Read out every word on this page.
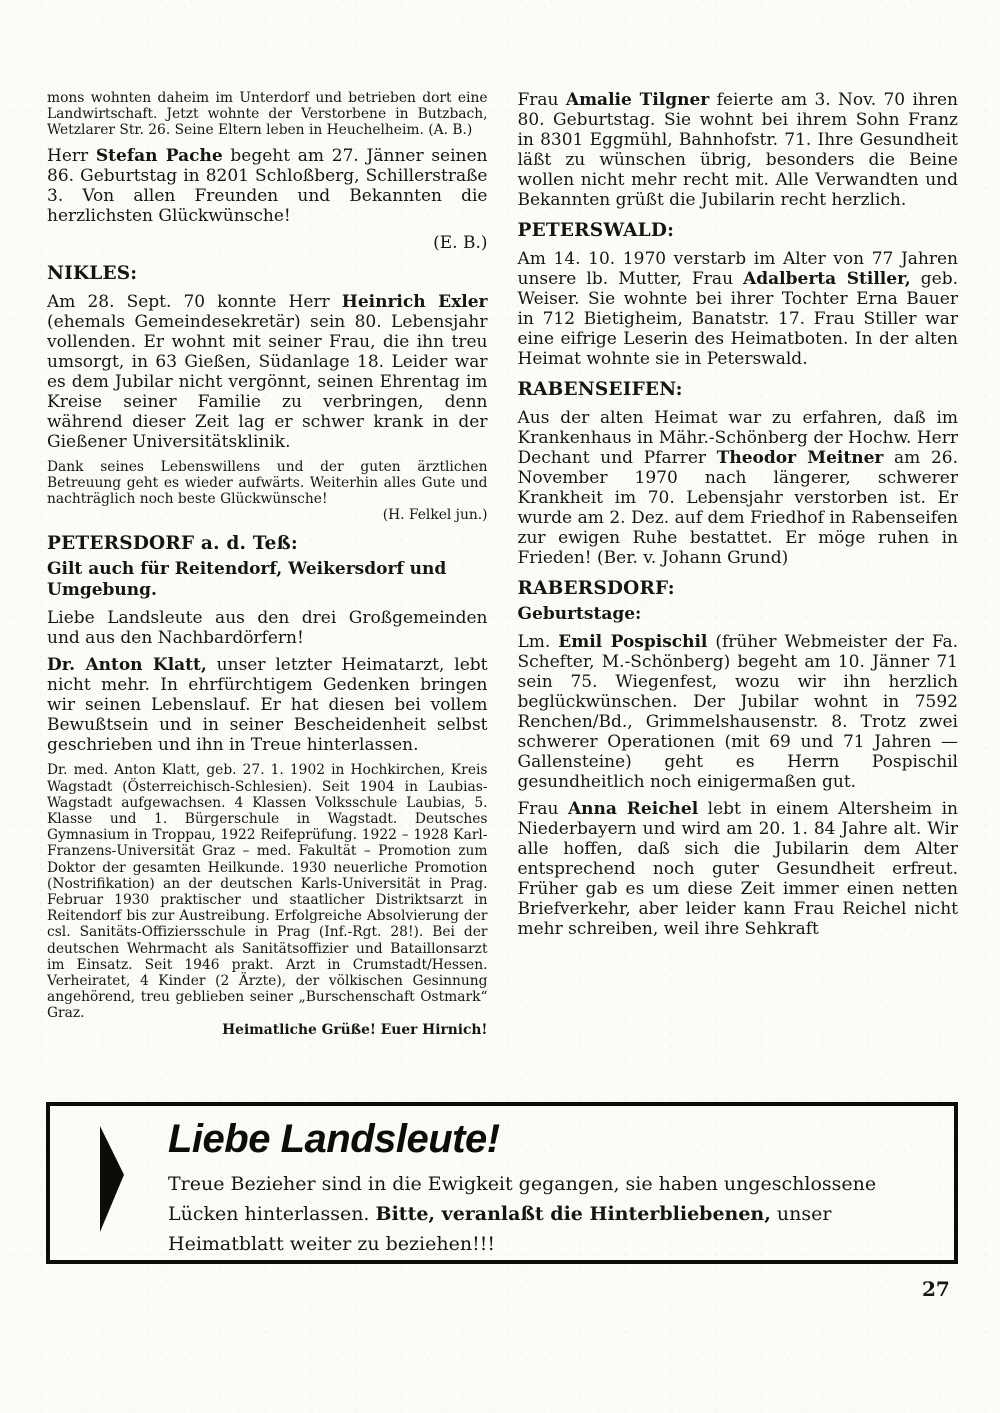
mons wohnten daheim im Unterdorf und betrieben dort eine Landwirtschaft. Jetzt wohnte der Verstorbene in Butzbach, Wetzlarer Str. 26. Seine Eltern leben in Heuchelheim. (A. B.)

Herr Stefan Pache begeht am 27. Jänner seinen 86. Geburtstag in 8201 Schloßberg, Schillerstraße 3. Von allen Freunden und Bekannten die herzlichsten Glückwünsche!

(E. B.)

NIKLES:

Am 28. Sept. 70 konnte Herr Heinrich Exler (ehemals Gemeindesekretär) sein 80. Lebensjahr vollenden. Er wohnt mit seiner Frau, die ihn treu umsorgt, in 63 Gießen, Südanlage 18. Leider war es dem Jubilar nicht vergönnt, seinen Ehrentag im Kreise seiner Familie zu verbringen, denn während dieser Zeit lag er schwer krank in der Gießener Universitätsklinik.

Dank seines Lebenswillens und der guten ärztlichen Betreuung geht es wieder aufwärts. Weiterhin alles Gute und nachträglich noch beste Glückwünsche!

(H. Felkel jun.)

PETERSDORF a. d. Teß:

Gilt auch für Reitendorf, Weikersdorf und Umgebung.

Liebe Landsleute aus den drei Großgemeinden und aus den Nachbardörfern!

Dr. Anton Klatt, unser letzter Heimatarzt, lebt nicht mehr. In ehrfürchtigem Gedenken bringen wir seinen Lebenslauf. Er hat diesen bei vollem Bewußtsein und in seiner Bescheidenheit selbst geschrieben und ihn in Treue hinterlassen.

Dr. med. Anton Klatt, geb. 27. 1. 1902 in Hochkirchen, Kreis Wagstadt (Österreichisch-Schlesien). Seit 1904 in Laubias-Wagstadt aufgewachsen. 4 Klassen Volksschule Laubias, 5. Klasse und 1. Bürgerschule in Wagstadt. Deutsches Gymnasium in Troppau, 1922 Reifeprüfung. 1922 – 1928 Karl-Franzens-Universität Graz – med. Fakultät – Promotion zum Doktor der gesamten Heilkunde. 1930 neuerliche Promotion (Nostrifikation) an der deutschen Karls-Universität in Prag. Februar 1930 praktischer und staatlicher Distriktsarzt in Reitendorf bis zur Austreibung. Erfolgreiche Absolvierung der csl. Sanitäts-Offiziersschule in Prag (Inf.-Rgt. 28!). Bei der deutschen Wehrmacht als Sanitätsoffizier und Bataillonsarzt im Einsatz. Seit 1946 prakt. Arzt in Crumstadt/Hessen. Verheiratet, 4 Kinder (2 Ärzte), der völkischen Gesinnung angehörend, treu geblieben seiner „Burschenschaft Ostmark“ Graz.

Heimatliche Grüße! Euer Hirnich!

Frau Amalie Tilgner feierte am 3. Nov. 70 ihren 80. Geburtstag. Sie wohnt bei ihrem Sohn Franz in 8301 Eggmühl, Bahnhofstr. 71. Ihre Gesundheit läßt zu wünschen übrig, besonders die Beine wollen nicht mehr recht mit. Alle Verwandten und Bekannten grüßt die Jubilarin recht herzlich.

PETERSWALD:

Am 14. 10. 1970 verstarb im Alter von 77 Jahren unsere lb. Mutter, Frau Adalberta Stiller, geb. Weiser. Sie wohnte bei ihrer Tochter Erna Bauer in 712 Bietigheim, Banatstr. 17. Frau Stiller war eine eifrige Leserin des Heimatboten. In der alten Heimat wohnte sie in Peterswald.

RABENSEIFEN:

Aus der alten Heimat war zu erfahren, daß im Krankenhaus in Mähr.-Schönberg der Hochw. Herr Dechant und Pfarrer Theodor Meitner am 26. November 1970 nach längerer, schwerer Krankheit im 70. Lebensjahr verstorben ist. Er wurde am 2. Dez. auf dem Friedhof in Rabenseifen zur ewigen Ruhe bestattet. Er möge ruhen in Frieden! (Ber. v. Johann Grund)

RABERSDORF:

Geburtstage:

Lm. Emil Pospischil (früher Webmeister der Fa. Schefter, M.-Schönberg) begeht am 10. Jänner 71 sein 75. Wiegenfest, wozu wir ihn herzlich beglückwünschen. Der Jubilar wohnt in 7592 Renchen/Bd., Grimmelshausenstr. 8. Trotz zwei schwerer Operationen (mit 69 und 71 Jahren — Gallensteine) geht es Herrn Pospischil gesundheitlich noch einigermaßen gut.

Frau Anna Reichel lebt in einem Altersheim in Niederbayern und wird am 20. 1. 84 Jahre alt. Wir alle hoffen, daß sich die Jubilarin dem Alter entsprechend noch guter Gesundheit erfreut. Früher gab es um diese Zeit immer einen netten Briefverkehr, aber leider kann Frau Reichel nicht mehr schreiben, weil ihre Sehkraft

Liebe Landsleute!

Treue Bezieher sind in die Ewigkeit gegangen, sie haben ungeschlossene Lücken hinterlassen. Bitte, veranlaßt die Hinterbliebenen, unser Heimatblatt weiter zu beziehen!!!

27
